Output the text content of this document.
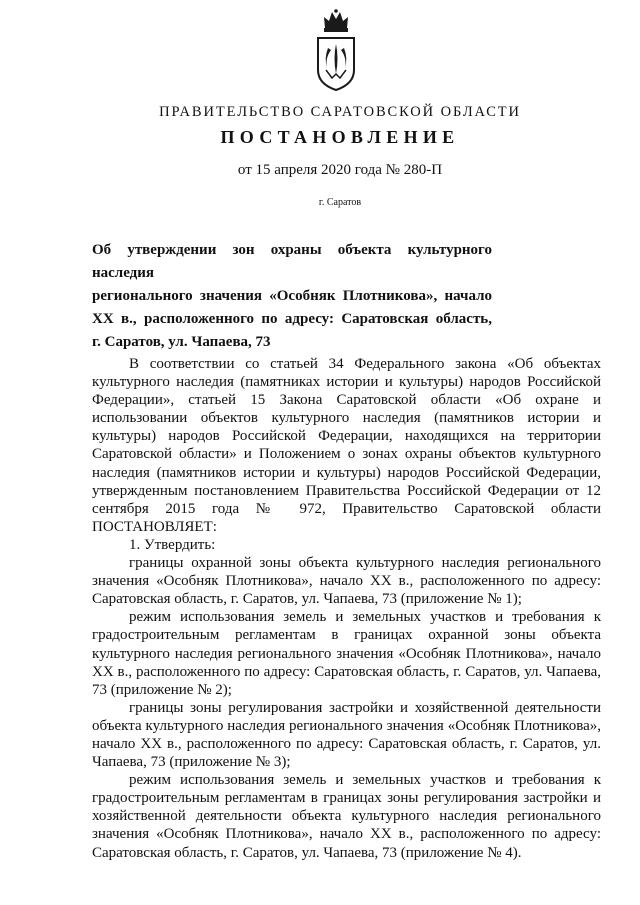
ПРАВИТЕЛЬСТВО САРАТОВСКОЙ ОБЛАСТИ
ПОСТАНОВЛЕНИЕ
от 15 апреля 2020 года № 280-П
г. Саратов
Об утверждении зон охраны объекта культурного наследия
регионального значения «Особняк Плотникова», начало
XX в., расположенного по адресу: Саратовская область,
г. Саратов, ул. Чапаева, 73

В соответствии со статьей 34 Федерального закона «Об объектах культурного наследия (памятниках истории и культуры) народов Российской Федерации», статьей 15 Закона Саратовской области «Об охране и использовании объектов культурного наследия (памятников истории и культуры) народов Российской Федерации, находящихся на территории Саратовской области» и Положением о зонах охраны объектов культурного наследия (памятников истории и культуры) народов Российской Федерации, утвержденным постановлением Правительства Российской Федерации от 12 сентября 2015 года № 972, Правительство Саратовской области ПОСТАНОВЛЯЕТ:

1. Утвердить:

границы охранной зоны объекта культурного наследия регионального значения «Особняк Плотникова», начало XX в., расположенного по адресу: Саратовская область, г. Саратов, ул. Чапаева, 73 (приложение № 1);

режим использования земель и земельных участков и требования к градостроительным регламентам в границах охранной зоны объекта культурного наследия регионального значения «Особняк Плотникова», начало XX в., расположенного по адресу: Саратовская область, г. Саратов, ул. Чапаева, 73 (приложение № 2);

границы зоны регулирования застройки и хозяйственной деятельности объекта культурного наследия регионального значения «Особняк Плотникова», начало XX в., расположенного по адресу: Саратовская область, г. Саратов, ул. Чапаева, 73 (приложение № 3);

режим использования земель и земельных участков и требования к градостроительным регламентам в границах зоны регулирования застройки и хозяйственной деятельности объекта культурного наследия регионального значения «Особняк Плотникова», начало XX в., расположенного по адресу: Саратовская область, г. Саратов, ул. Чапаева, 73 (приложение № 4).
